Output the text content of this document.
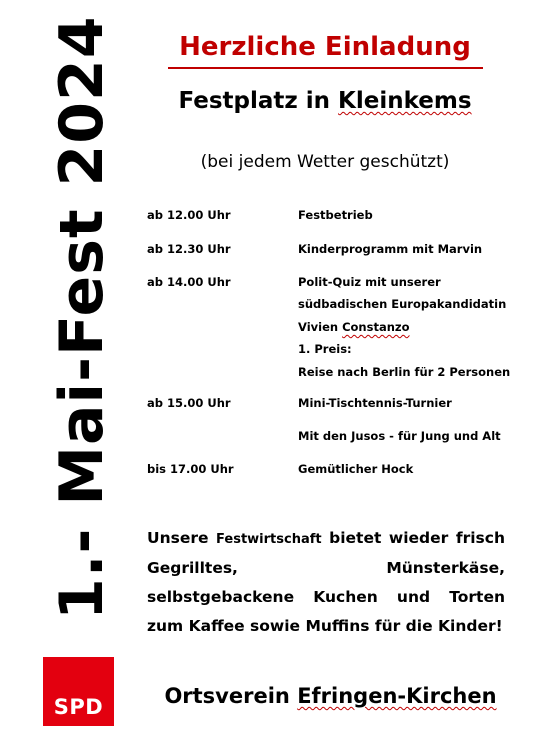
1.- Mai-Fest 2024	Herzliche Einladung
Festplatz in Kleinkems
(bei jedem Wetter geschützt)
ab 12.00 Uhr	Festbetrieb
ab 12.30 Uhr	Kinderprogramm mit Marvin
ab 14.00 Uhr	Polit-Quiz mit unserer
südbadischen Europakandidatin
Vivien Constanzo
1. Preis:
Reise nach Berlin für 2 Personen
ab 15.00 Uhr	Mini-Tischtennis-Turnier
Mit den Jusos - für Jung und Alt
bis 17.00 Uhr	Gemütlicher Hock
Unsere Festwirtschaft bietet wieder frisch Gegrilltes, Münsterkäse, selbstgebackene Kuchen und Torten zum Kaffee sowie Muffins für die Kinder!
SPD	Ortsverein Efringen-Kirchen
